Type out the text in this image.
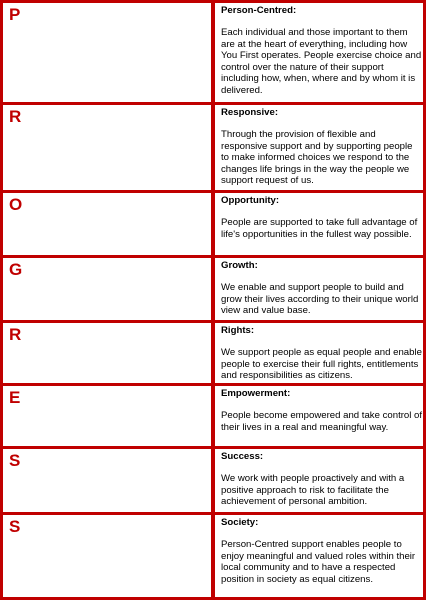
P	Person-Centred:

Each individual and those important to them are at the heart of everything, including how You First operates. People exercise choice and control over the nature of their support including how, when, where and by whom it is delivered.

R	Responsive:

Through the provision of flexible and responsive support and by supporting people to make informed choices we respond to the changes life brings in the way the people we support request of us.

O	Opportunity:

People are supported to take full advantage of life's opportunities in the fullest way possible.

G	Growth:

We enable and support people to build and grow their lives according to their unique world view and value base.

R	Rights:

We support people as equal people and enable people to exercise their full rights, entitlements and responsibilities as citizens.

E	Empowerment:

People become empowered and take control of their lives in a real and meaningful way.

S	Success:

We work with people proactively and with a positive approach to risk to facilitate the achievement of personal ambition.

S	Society:

Person-Centred support enables people to enjoy meaningful and valued roles within their local community and to have a respected position in society as equal citizens.
